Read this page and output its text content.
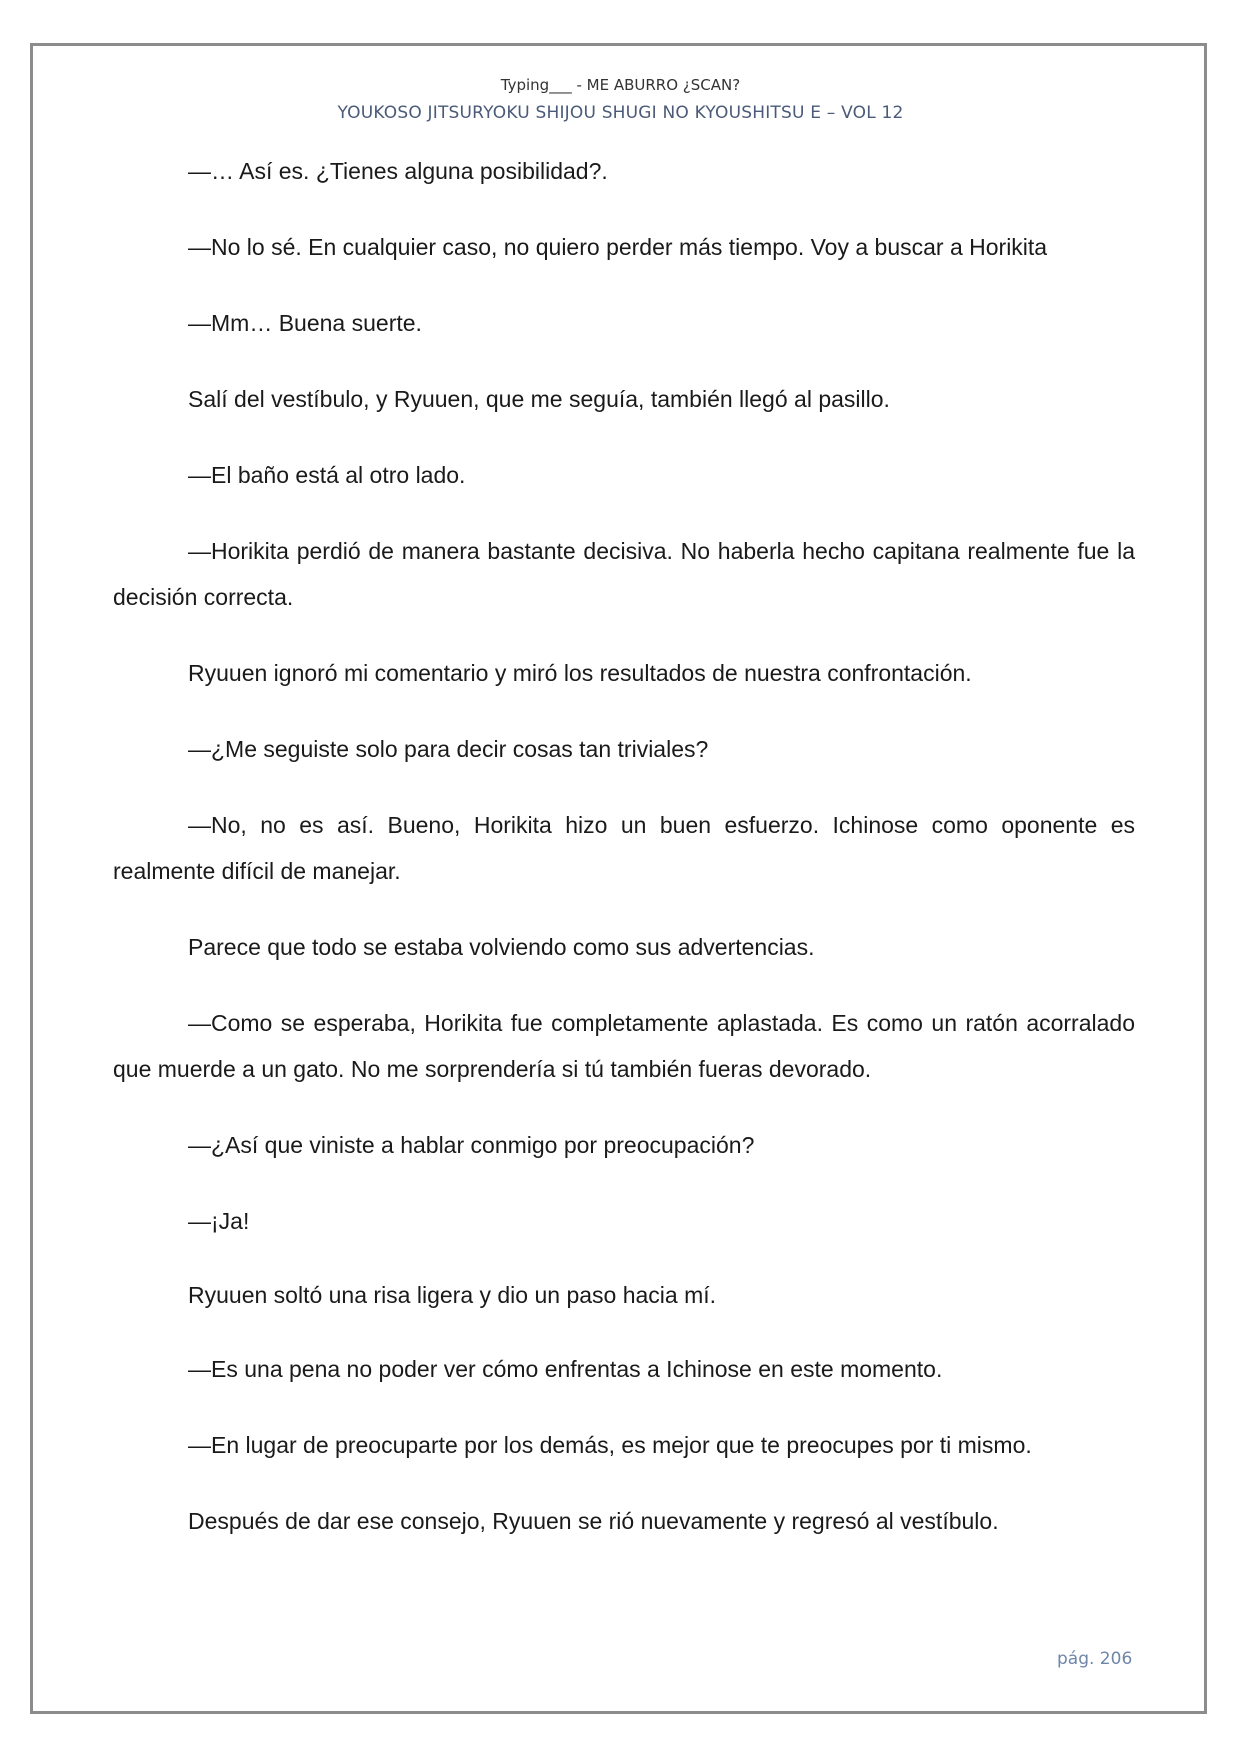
Typing___ - ME ABURRO ¿SCAN?
YOUKOSO JITSURYOKU SHIJOU SHUGI NO KYOUSHITSU E – VOL 12

—… Así es. ¿Tienes alguna posibilidad?.

—No lo sé. En cualquier caso, no quiero perder más tiempo. Voy a buscar a Horikita

—Mm… Buena suerte.

Salí del vestíbulo, y Ryuuen, que me seguía, también llegó al pasillo.

—El baño está al otro lado.

—Horikita perdió de manera bastante decisiva. No haberla hecho capitana realmente fue la decisión correcta.

Ryuuen ignoró mi comentario y miró los resultados de nuestra confrontación.

—¿Me seguiste solo para decir cosas tan triviales?

—No, no es así. Bueno, Horikita hizo un buen esfuerzo. Ichinose como oponente es realmente difícil de manejar.

Parece que todo se estaba volviendo como sus advertencias.

—Como se esperaba, Horikita fue completamente aplastada. Es como un ratón acorralado que muerde a un gato. No me sorprendería si tú también fueras devorado.

—¿Así que viniste a hablar conmigo por preocupación?

—¡Ja!

Ryuuen soltó una risa ligera y dio un paso hacia mí.

—Es una pena no poder ver cómo enfrentas a Ichinose en este momento.

—En lugar de preocuparte por los demás, es mejor que te preocupes por ti mismo.

Después de dar ese consejo, Ryuuen se rió nuevamente y regresó al vestíbulo.

pág. 206
